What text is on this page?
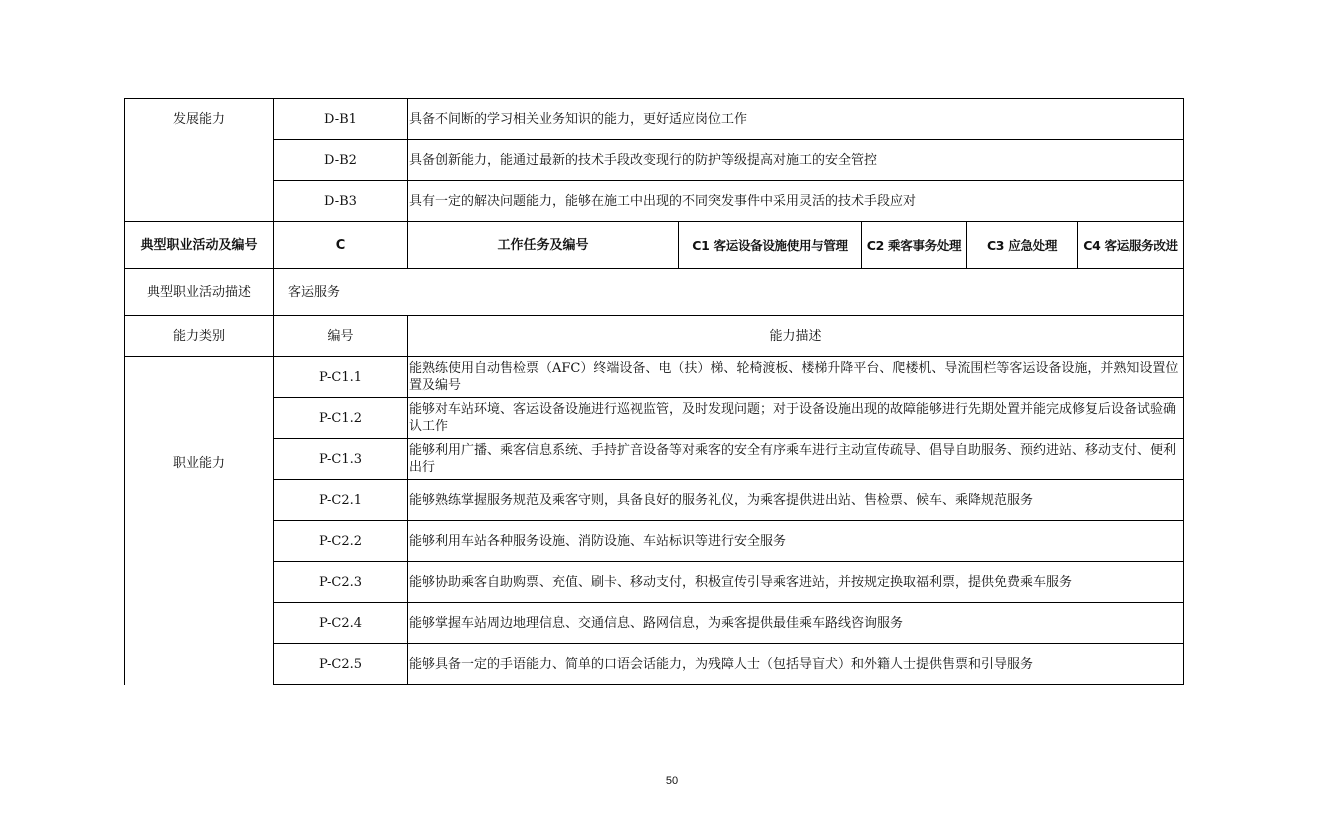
发展能力	D-B1	具备不间断的学习相关业务知识的能力，更好适应岗位工作				
	D-B2	具备创新能力，能通过最新的技术手段改变现行的防护等级提高对施工的安全管控				
	D-B3	具有一定的解决问题能力，能够在施工中出现的不同突发事件中采用灵活的技术手段应对				
典型职业活动及编号	C	工作任务及编号	C1 客运设备设施使用与管理	C2 乘客事务处理	C3 应急处理	C4 客运服务改进
典型职业活动描述	客运服务					
能力类别	编号	能力描述				
职业能力	P-C1.1	能熟练使用自动售检票（AFC）终端设备、电（扶）梯、轮椅渡板、楼梯升降平台、爬楼机、导流围栏等客运设备设施，并熟知设置位置及编号				
	P-C1.2	能够对车站环境、客运设备设施进行巡视监管，及时发现问题；对于设备设施出现的故障能够进行先期处置并能完成修复后设备试验确认工作				
	P-C1.3	能够利用广播、乘客信息系统、手持扩音设备等对乘客的安全有序乘车进行主动宣传疏导、倡导自助服务、预约进站、移动支付、便利出行				
	P-C2.1	能够熟练掌握服务规范及乘客守则，具备良好的服务礼仪，为乘客提供进出站、售检票、候车、乘降规范服务				
	P-C2.2	能够利用车站各种服务设施、消防设施、车站标识等进行安全服务				
	P-C2.3	能够协助乘客自助购票、充值、刷卡、移动支付，积极宣传引导乘客进站，并按规定换取福利票，提供免费乘车服务				
	P-C2.4	能够掌握车站周边地理信息、交通信息、路网信息，为乘客提供最佳乘车路线咨询服务				
	P-C2.5	能够具备一定的手语能力、简单的口语会话能力，为残障人士（包括导盲犬）和外籍人士提供售票和引导服务				
50
